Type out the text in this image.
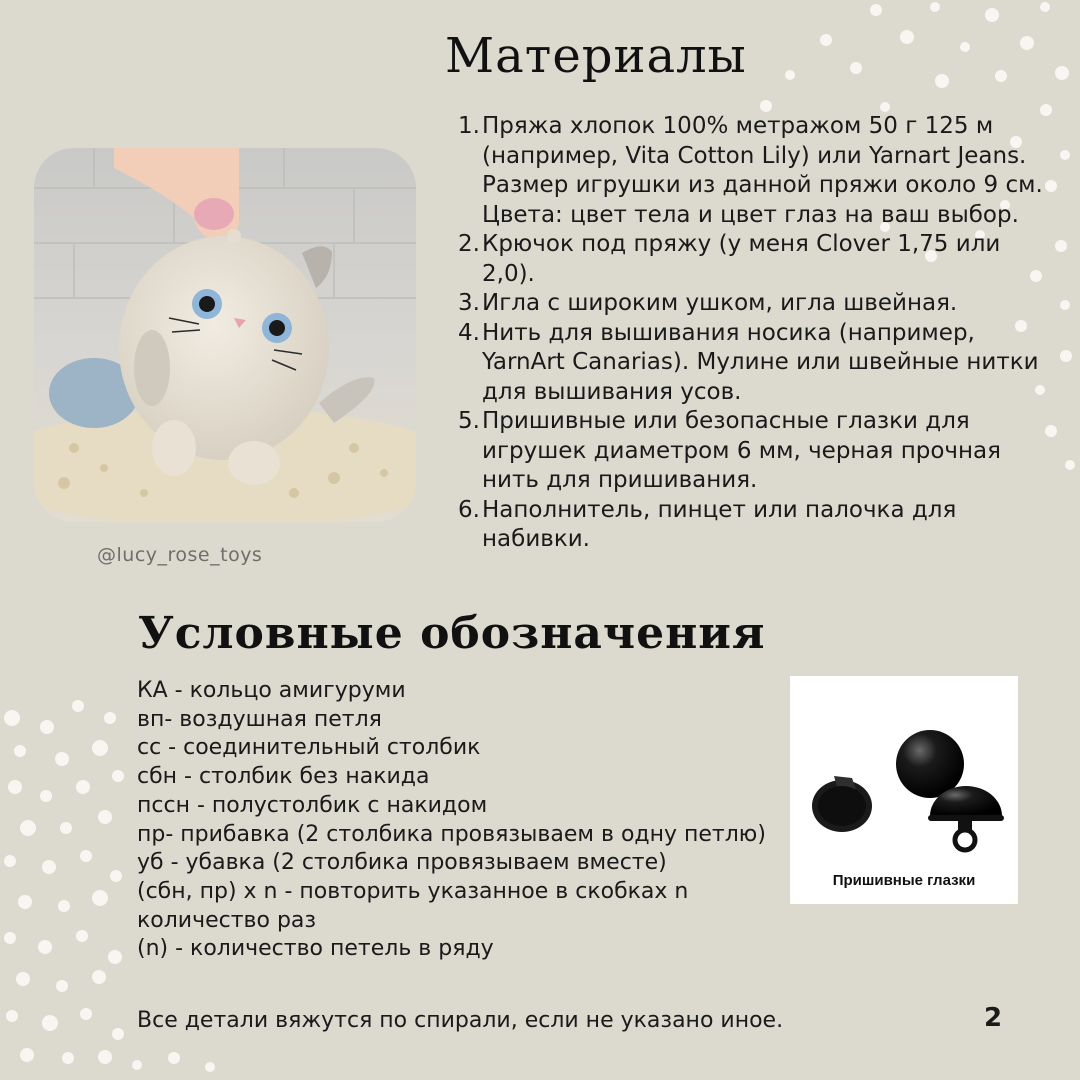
Материалы
1. Пряжа хлопок 100% метражом 50 г 125 м (например, Vita Cotton Lily) или Yarnart Jeans. Размер игрушки из данной пряжи около 9 см. Цвета: цвет тела и цвет глаз на ваш выбор.
2. Крючок под пряжу (у меня Clover 1,75 или 2,0).
3. Игла с широким ушком, игла швейная.
4. Нить для вышивания носика (например, YarnArt Canarias). Мулине или швейные нитки для вышивания усов.
5. Пришивные или безопасные глазки для игрушек диаметром 6 мм, черная прочная нить для пришивания.
6. Наполнитель, пинцет или палочка для набивки.
@lucy_rose_toys
Условные обозначения
КА - кольцо амигуруми
вп- воздушная петля
сс - соединительный столбик
сбн - столбик без накида
пссн - полустолбик с накидом
пр- прибавка (2 столбика провязываем в одну петлю)
уб - убавка (2 столбика провязываем вместе)
(сбн, пр) х n - повторить указанное в скобках n количество раз
(n) - количество петель в ряду
Пришивные глазки

Все детали вяжутся по спирали, если не указано иное.	2
